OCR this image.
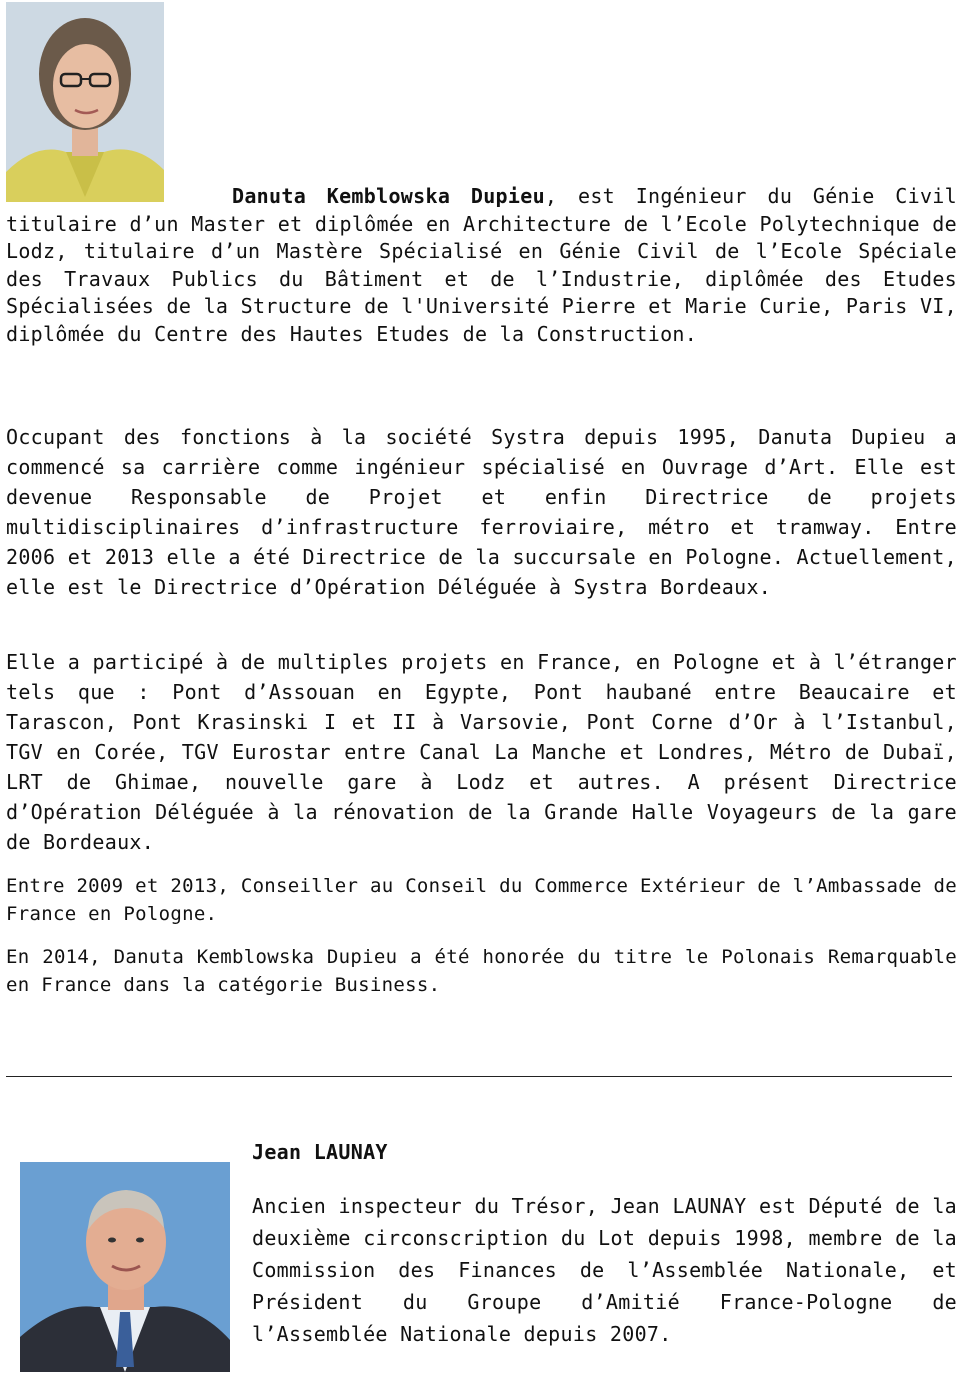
Danuta Kemblowska Dupieu, est Ingénieur du Génie Civil titulaire d’un Master et diplômée en Architecture de l’Ecole Polytechnique de Lodz, titulaire d’un Mastère Spécialisé en Génie Civil de l’Ecole Spéciale des Travaux Publics du Bâtiment et de l’Industrie, diplômée des Etudes Spécialisées de la Structure de l'Université Pierre et Marie Curie, Paris VI, diplômée du Centre des Hautes Etudes de la Construction.
Occupant des fonctions à la société Systra depuis 1995, Danuta Dupieu a commencé sa carrière comme ingénieur spécialisé en Ouvrage d’Art. Elle est devenue Responsable de Projet et enfin Directrice de projets multidisciplinaires d’infrastructure ferroviaire, métro et tramway. Entre 2006 et 2013 elle a été Directrice de la succursale en Pologne. Actuellement, elle est le Directrice d’Opération Déléguée à Systra Bordeaux.
Elle a participé à de multiples projets en France, en Pologne et à l’étranger tels que : Pont d’Assouan en Egypte, Pont haubané entre Beaucaire et Tarascon, Pont Krasinski I et II à Varsovie, Pont Corne d’Or à l’Istanbul, TGV en Corée, TGV Eurostar entre Canal La Manche et Londres, Métro de Dubaï, LRT de Ghimae, nouvelle gare à Lodz et autres. A présent Directrice d’Opération Déléguée à la rénovation de la Grande Halle Voyageurs de la gare de Bordeaux.
Entre 2009 et 2013, Conseiller au Conseil du Commerce Extérieur de l’Ambassade de France en Pologne.
En 2014, Danuta Kemblowska Dupieu a été honorée du titre le Polonais Remarquable en France dans la catégorie Business.
Jean LAUNAY
Ancien inspecteur du Trésor, Jean LAUNAY est Député de la deuxième circonscription du Lot depuis 1998, membre de la Commission des Finances de l’Assemblée Nationale, et Président du Groupe d’Amitié France-Pologne de l’Assemblée Nationale depuis 2007.
